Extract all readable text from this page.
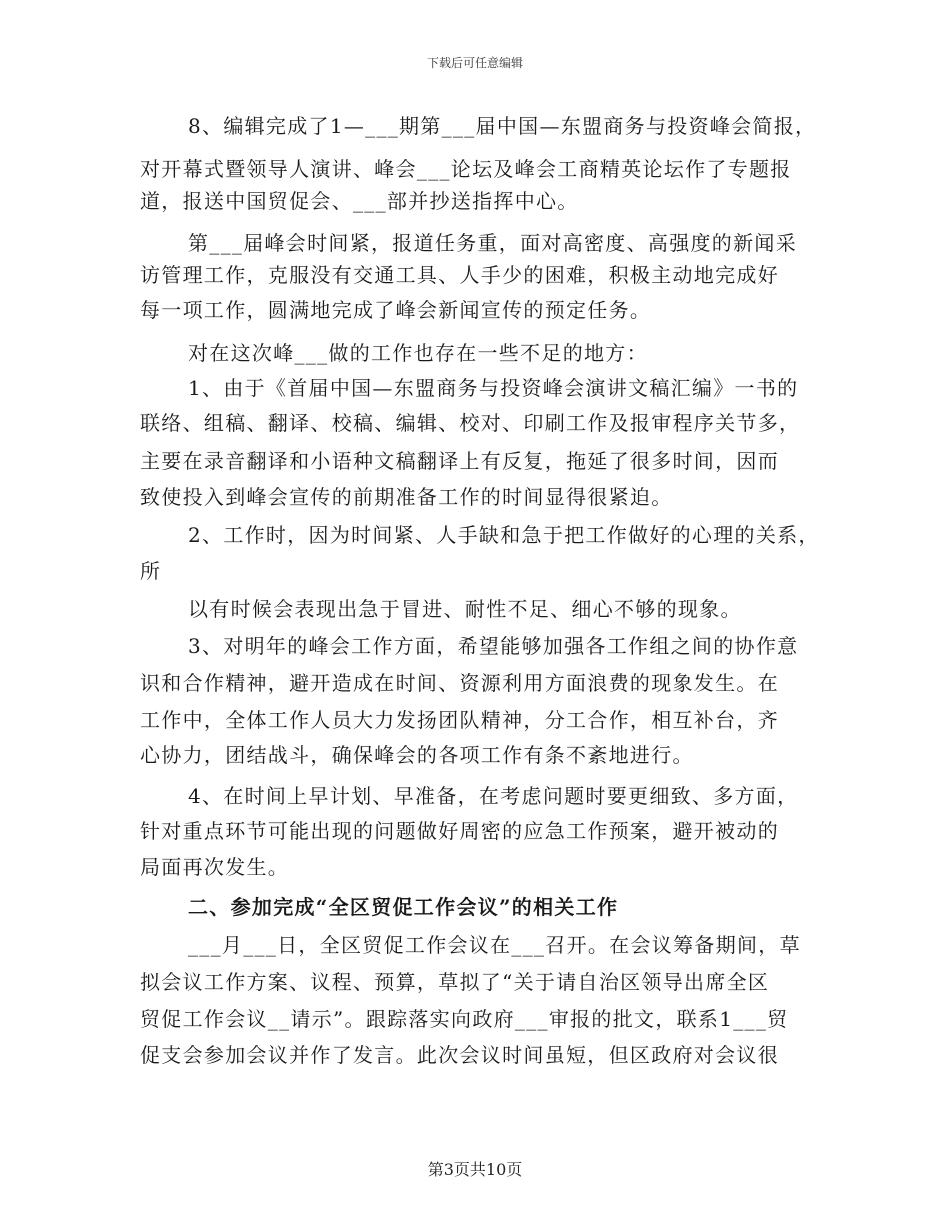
下载后可任意编辑
8、编辑完成了1—___期第___届中国—东盟商务与投资峰会简报，
对开幕式暨领导人演讲、峰会___论坛及峰会工商精英论坛作了专题报
道，报送中国贸促会、___部并抄送指挥中心。
第___届峰会时间紧，报道任务重，面对高密度、高强度的新闻采
访管理工作，克服没有交通工具、人手少的困难，积极主动地完成好
每一项工作，圆满地完成了峰会新闻宣传的预定任务。
对在这次峰___做的工作也存在一些不足的地方：
1、由于《首届中国—东盟商务与投资峰会演讲文稿汇编》一书的
联络、组稿、翻译、校稿、编辑、校对、印刷工作及报审程序关节多，
主要在录音翻译和小语种文稿翻译上有反复，拖延了很多时间，因而
致使投入到峰会宣传的前期准备工作的时间显得很紧迫。
2、工作时，因为时间紧、人手缺和急于把工作做好的心理的关系，
所
以有时候会表现出急于冒进、耐性不足、细心不够的现象。
3、对明年的峰会工作方面，希望能够加强各工作组之间的协作意
识和合作精神，避开造成在时间、资源利用方面浪费的现象发生。在
工作中，全体工作人员大力发扬团队精神，分工合作，相互补台，齐
心协力，团结战斗，确保峰会的各项工作有条不紊地进行。
4、在时间上早计划、早准备，在考虑问题时要更细致、多方面，
针对重点环节可能出现的问题做好周密的应急工作预案，避开被动的
局面再次发生。
二、参加完成“全区贸促工作会议”的相关工作
___月___日，全区贸促工作会议在___召开。在会议筹备期间，草
拟会议工作方案、议程、预算，草拟了“关于请自治区领导出席全区
贸促工作会议__请示”。跟踪落实向政府___审报的批文，联系1___贸
促支会参加会议并作了发言。此次会议时间虽短，但区政府对会议很
第3页共10页
